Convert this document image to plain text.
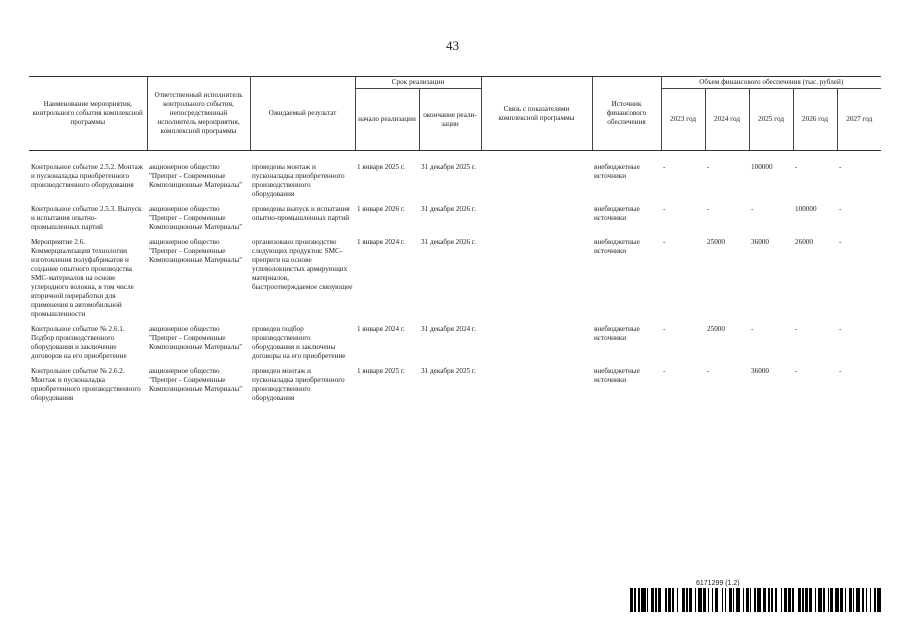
43
Наименование мероприятия, контрольного события комплексной программы	Ответственный исполнитель контрольного события, непосредственный исполнитель мероприятия, комплексной программы	Ожидаемый результат	Срок реализации		Связь с показателями комплексной программы	Источник финансового обеспечения	Объем финансового обеспечения (тыс. рублей)				
			начало реализации	окончание реали-зации			2023 год	2024 год	2025 год	2026 год	2027 год

Контрольное событие 2.5.2. Монтаж и пусконаладка приобретенного производственного оборудования	акционерное общество "Препрег - Современные Композиционные Материалы"	проведены монтаж и пусконаладка приобретенного производственного оборудования	1 января 2025 г.	31 декабря 2025 г.		внебюджетные источники	-	-	100000	-	-
Контрольное событие 2.5.3. Выпуск и испытания опытно-промышленных партий	акционерное общество "Препрег - Современные Композиционные Материалы"	проведены выпуск и испытания опытно-промышленных партий	1 января 2026 г.	31 декабря 2026 г.		внебюджетные источники	-	-	-	100000	-
Мероприятие 2.6. Коммерциализация технологии изготовления полуфабрикатов и создание опытного производства SMC-материалов на основе углеродного волокна, в том числе вторичной переработки для применения в автомобильной промышленности	акционерное общество "Препрег - Современные Композиционные Материалы"	организовано производство следующих продуктов: SMC-препреги на основе углеволокнистых армирующих материалов, быстроотверждаемое связующее	1 января 2024 г.	31 декабря 2026 г.		внебюджетные источники	-	25000	36000	26000	-
Контрольное событие № 2.6.1. Подбор производственного оборудования и заключение договоров на его приобретение	акционерное общество "Препрег - Современные Композиционные Материалы"	проведен подбор производственного оборудования и заключены договоры на его приобретение	1 января 2024 г.	31 декабря 2024 г.		внебюджетные источники	-	25000	-	-	-
Контрольное событие № 2.6.2. Монтаж и пусконаладка приобретенного производственного оборудования	акционерное общество "Препрег - Современные Композиционные Материалы"	проведен монтаж и пусконаладка приобретенного производственного оборудования	1 января 2025 г.	31 декабря 2025 г.		внебюджетные источники	-	-	36000	-	-
6171299 (1.2)
